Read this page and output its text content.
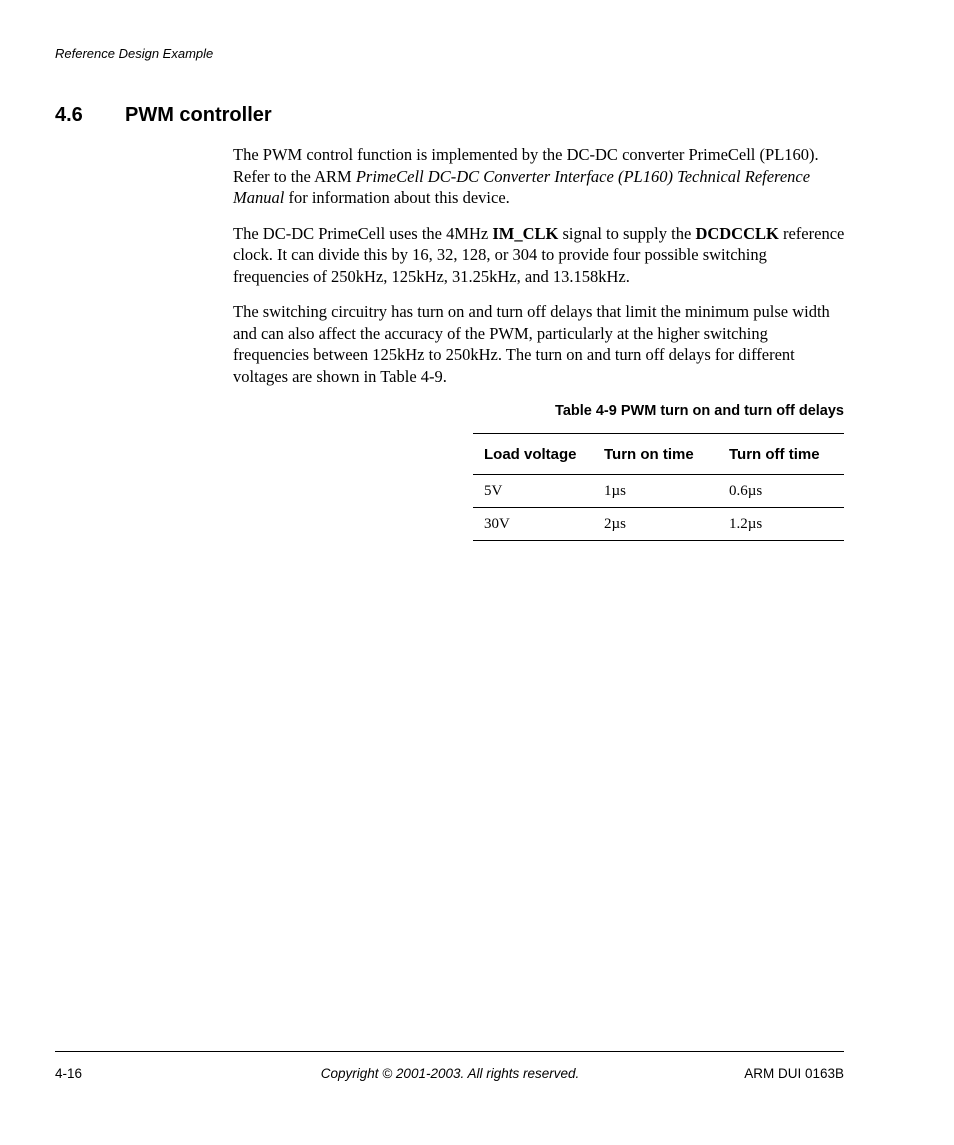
Reference Design Example
4.6	PWM controller

The PWM control function is implemented by the DC-DC converter PrimeCell (PL160). Refer to the ARM PrimeCell DC-DC Converter Interface (PL160) Technical Reference Manual for information about this device.

The DC-DC PrimeCell uses the 4MHz IM_CLK signal to supply the DCDCCLK reference clock. It can divide this by 16, 32, 128, or 304 to provide four possible switching frequencies of 250kHz, 125kHz, 31.25kHz, and 13.158kHz.

The switching circuitry has turn on and turn off delays that limit the minimum pulse width and can also affect the accuracy of the PWM, particularly at the higher switching frequencies between 125kHz to 250kHz. The turn on and turn off delays for different voltages are shown in Table 4-9.

Table 4-9 PWM turn on and turn off delays
Load voltage	Turn on time	Turn off time
5V	1µs	0.6µs
30V	2µs	1.2µs
4-16	Copyright © 2001-2003. All rights reserved.	ARM DUI 0163B
